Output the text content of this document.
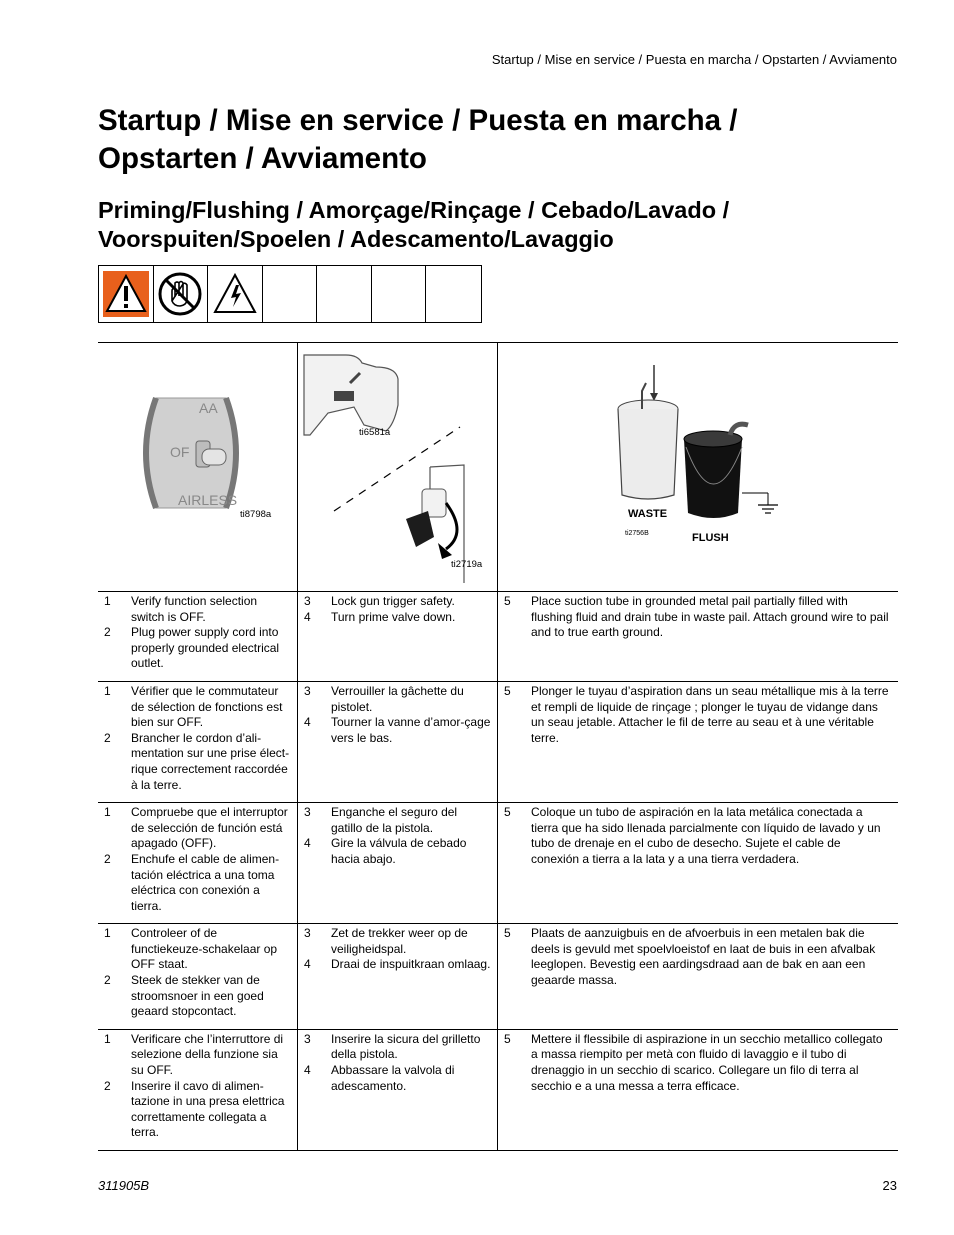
Startup / Mise en service / Puesta en marcha / Opstarten / Avviamento
Startup / Mise en service / Puesta en marcha / Opstarten / Avviamento
Priming/Flushing / Amorçage/Rinçage / Cebado/Lavado / Voorspuiten/Spoelen / Adescamento/Lavaggio
AA
OF
AIRLESS
ti8798a
ti6581a
ti2719a
WASTE
ti2756B	FLUSH
1	Verify function selection switch is OFF.
2	Plug power supply cord into properly grounded electrical outlet.
3	Lock gun trigger safety.
4	Turn prime valve down.
5	Place suction tube in grounded metal pail partially filled with flushing fluid and drain tube in waste pail. Attach ground wire to pail and to true earth ground.
1	Vérifier que le commutateur de sélection de fonctions est bien sur OFF.
2	Brancher le cordon d’ali-mentation sur une prise élect-rique correctement raccordée à la terre.
3	Verrouiller la gâchette du pistolet.
4	Tourner la vanne d’amor-çage vers le bas.
5	Plonger le tuyau d’aspiration dans un seau métallique mis à la terre et rempli de liquide de rinçage ; plonger le tuyau de vidange dans un seau jetable. Attacher le fil de terre au seau et à une véritable terre.
1	Compruebe que el interruptor de selección de función está apagado (OFF).
2	Enchufe el cable de alimen-tación eléctrica a una toma eléctrica con conexión a tierra.
3	Enganche el seguro del gatillo de la pistola.
4	Gire la válvula de cebado hacia abajo.
5	Coloque un tubo de aspiración en la lata metálica conectada a tierra que ha sido llenada parcialmente con líquido de lavado y un tubo de drenaje en el cubo de desecho. Sujete el cable de conexión a tierra a la lata y a una tierra verdadera.
1	Controleer of de functiekeuze-schakelaar op OFF staat.
2	Steek de stekker van de stroomsnoer in een goed geaard stopcontact.
3	Zet de trekker weer op de veiligheidspal.
4	Draai de inspuitkraan omlaag.
5	Plaats de aanzuigbuis en de afvoerbuis in een metalen bak die deels is gevuld met spoelvloeistof en laat de buis in een afvalbak leeglopen. Bevestig een aardingsdraad aan de bak en aan een geaarde massa.
1	Verificare che l’interruttore di selezione della funzione sia su OFF.
2	Inserire il cavo di alimen-tazione in una presa elettrica correttamente collegata a terra.
3	Inserire la sicura del grilletto della pistola.
4	Abbassare la valvola di adescamento.
5	Mettere il flessibile di aspirazione in un secchio metallico collegato a massa riempito per metà con fluido di lavaggio e il tubo di drenaggio in un secchio di scarico. Collegare un filo di terra al secchio e a una messa a terra efficace.
311905B	23
